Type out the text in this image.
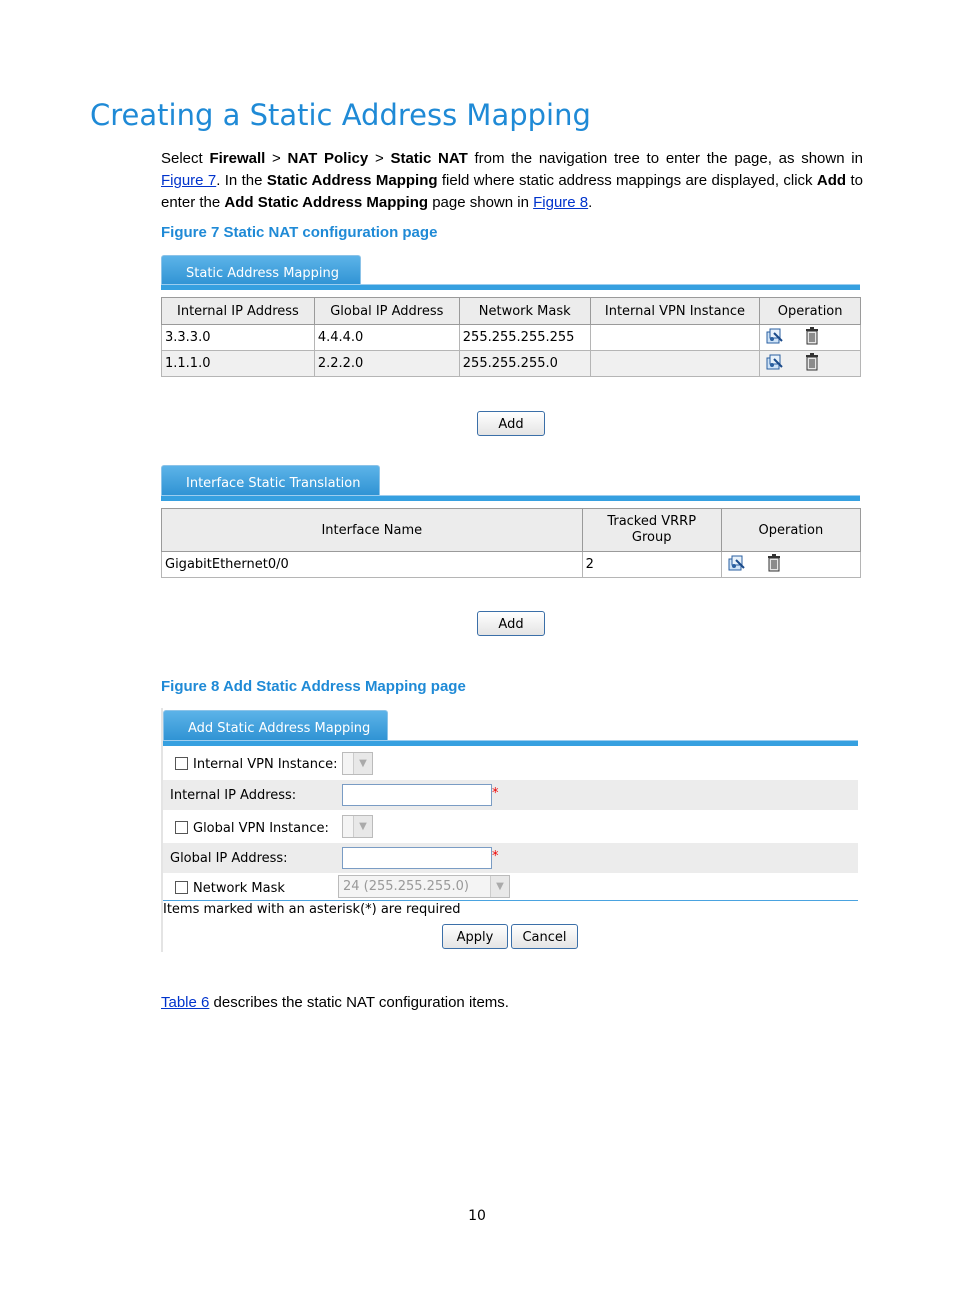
Creating a Static Address Mapping
Select Firewall > NAT Policy > Static NAT from the navigation tree to enter the page, as shown in Figure 7. In the Static Address Mapping field where static address mappings are displayed, click Add to enter the Add Static Address Mapping page shown in Figure 8.
Figure 7 Static NAT configuration page
Static Address Mapping
Internal IP Address	Global IP Address	Network Mask	Internal VPN Instance	Operation
3.3.3.0	4.4.4.0	255.255.255.255		
1.1.1.0	2.2.2.0	255.255.255.0		
Add
Interface Static Translation
Interface Name	Tracked VRRP Group	Operation
GigabitEthernet0/0	2	
Add
Figure 8 Add Static Address Mapping page
Add Static Address Mapping
Internal VPN Instance:	▼
Internal IP Address:	*
Global VPN Instance:	▼
Global IP Address:	*
Network Mask	24 (255.255.255.0)	▼
Items marked with an asterisk(*) are required
Apply	Cancel
Table 6 describes the static NAT configuration items.
10
